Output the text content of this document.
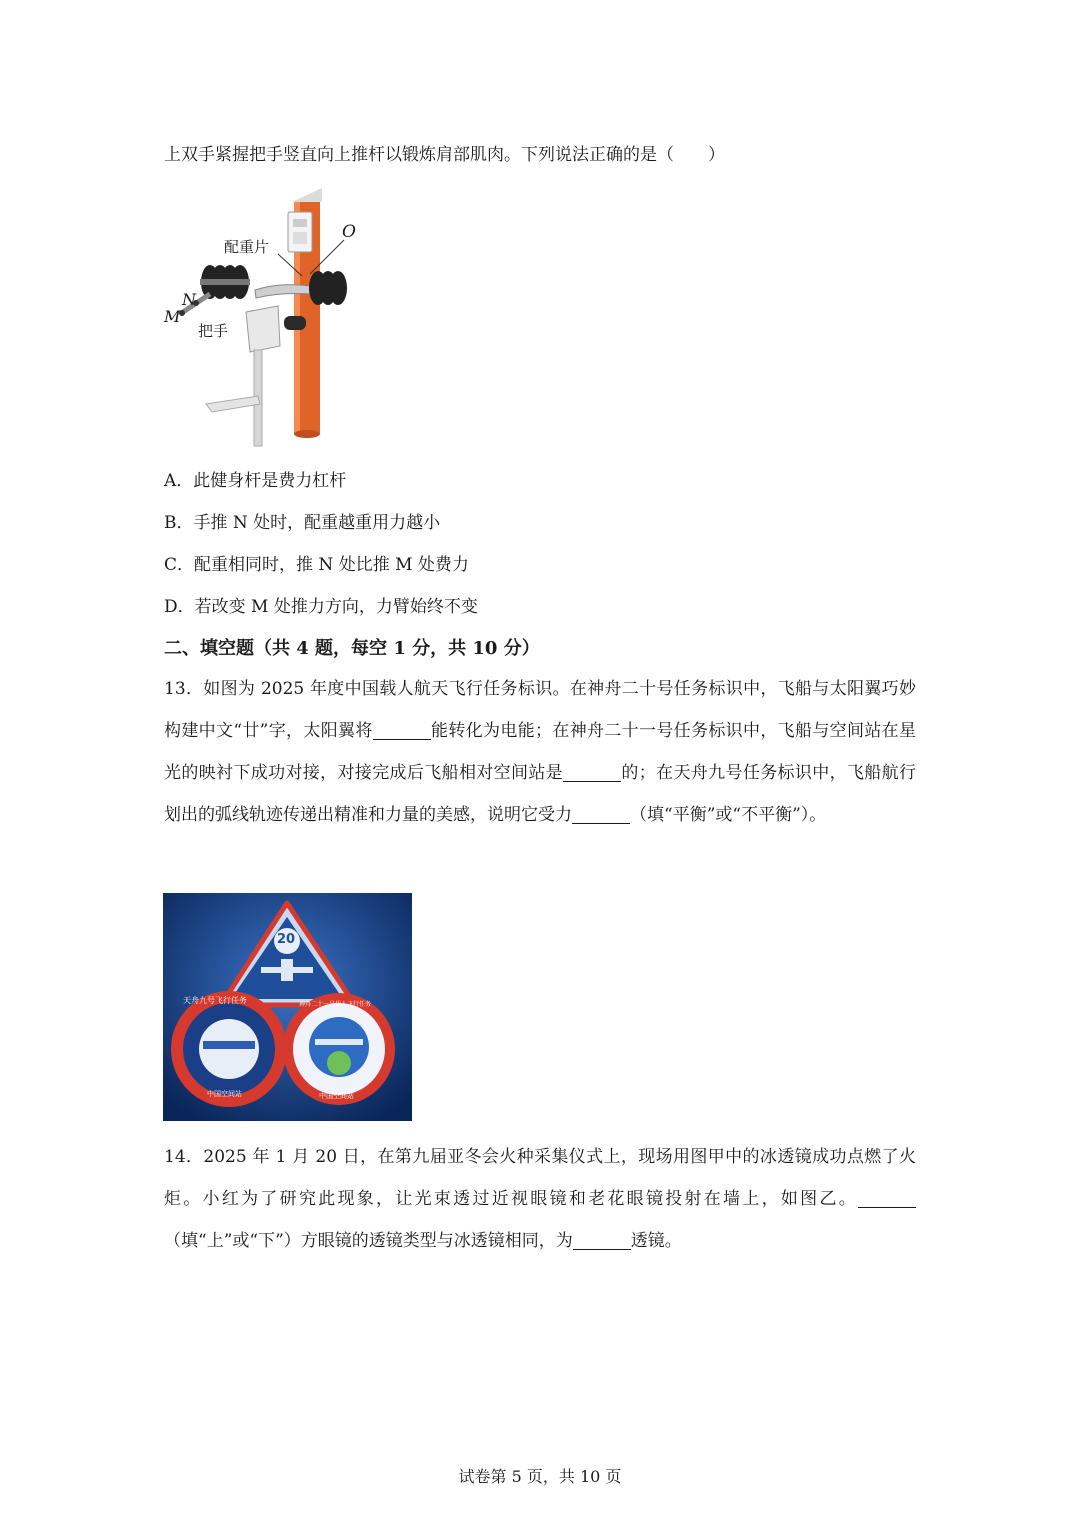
上双手紧握把手竖直向上推杆以锻炼肩部肌肉。下列说法正确的是（　　）
配重片
O
N
M
把手
A．此健身杆是费力杠杆
B．手推 N 处时，配重越重用力越小
C．配重相同时，推 N 处比推 M 处费力
D．若改变 M 处推力方向，力臂始终不变
二、填空题（共 4 题，每空 1 分，共 10 分）
13．如图为 2025 年度中国载人航天飞行任务标识。在神舟二十号任务标识中，飞船与太阳翼巧妙构建中文“廿”字，太阳翼将	能转化为电能；在神舟二十一号任务标识中，飞船与空间站在星光的映衬下成功对接，对接完成后飞船相对空间站是	的；在天舟九号任务标识中，飞船航行划出的弧线轨迹传递出精准和力量的美感，说明它受力	（填“平衡”或“不平衡”）。
20
天舟九号飞行任务
中国空间站
神舟二十一号载人飞行任务
中国空间站
14．2025 年 1 月 20 日，在第九届亚冬会火种采集仪式上，现场用图甲中的冰透镜成功点燃了火炬。小红为了研究此现象，让光束透过近视眼镜和老花眼镜投射在墙上，如图乙。（填“上”或“下”）方眼镜的透镜类型与冰透镜相同，为	透镜。
试卷第 5 页，共 10 页
